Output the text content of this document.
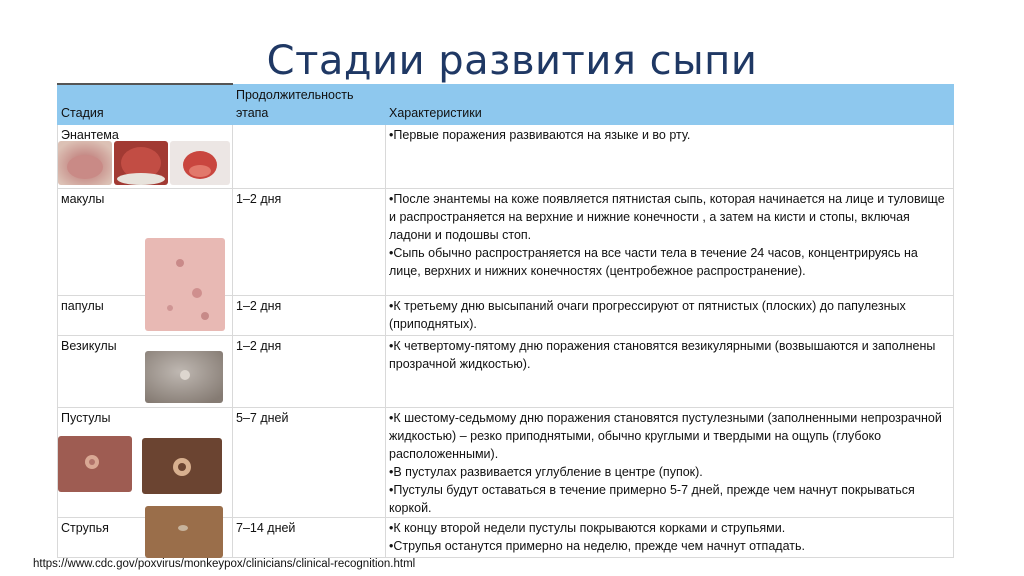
Стадии развития сыпи
Стадия	Продолжительность этапа	Характеристики
Энантема		•Первые поражения развиваются на языке и во рту.

макулы	1–2 дня	•После энантемы на коже появляется пятнистая сыпь, которая начинается на лице и туловище и распространяется на верхние и нижние конечности , а затем на кисти и стопы, включая ладони и подошвы стоп.
•Сыпь обычно распространяется на все части тела в течение 24 часов, концентрируясь на лице, верхних и нижних конечностях (центробежное распространение).

папулы	1–2 дня	•К третьему дню высыпаний очаги прогрессируют от пятнистых (плоских) до папулезных (приподнятых).

Везикулы	1–2 дня	•К четвертому-пятому дню поражения становятся везикулярными (возвышаются и заполнены прозрачной жидкостью).

Пустулы	5–7 дней	•К шестому-седьмому дню поражения становятся пустулезными (заполненными непрозрачной жидкостью) – резко приподнятыми, обычно круглыми и твердыми на ощупь (глубоко расположенными).
•В пустулах развивается углубление в центре (пупок).
•Пустулы будут оставаться в течение примерно 5-7 дней, прежде чем начнут покрываться коркой.

Струпья	7–14 дней	•К концу второй недели пустулы покрываются корками и струпьями.
•Струпья останутся примерно на неделю, прежде чем начнут отпадать.
https://www.cdc.gov/poxvirus/monkeypox/clinicians/clinical-recognition.html
